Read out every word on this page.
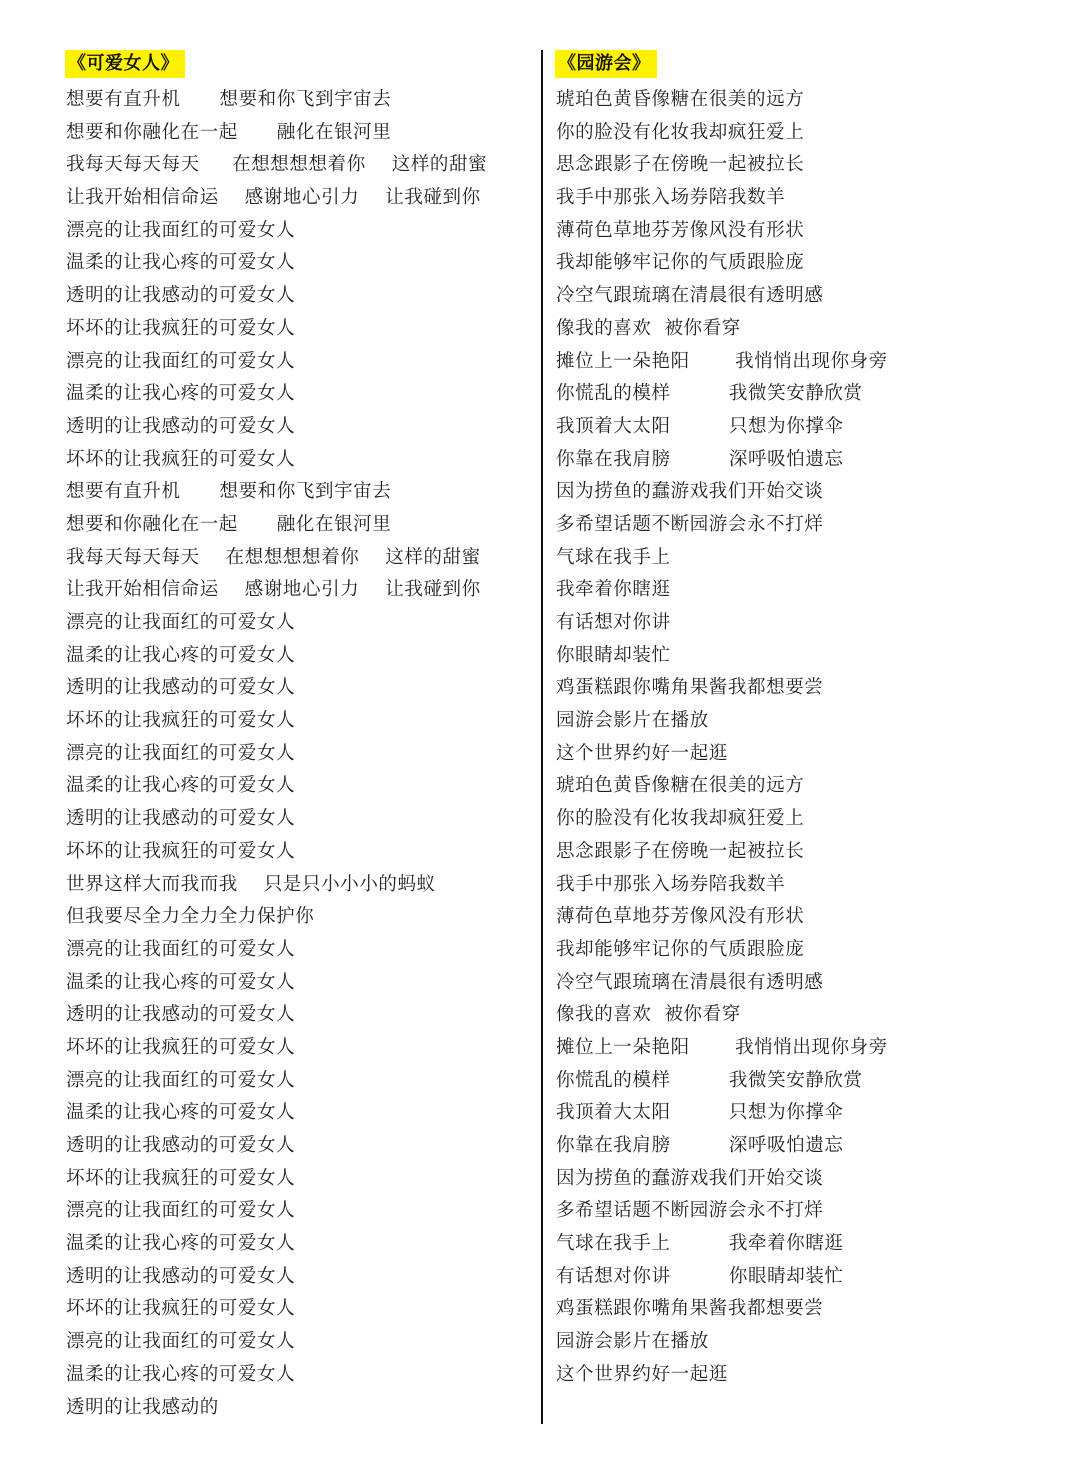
《可爱女人》
想要有直升机      想要和你飞到宇宙去
想要和你融化在一起      融化在银河里
我每天每天每天     在想想想想着你    这样的甜蜜
让我开始相信命运    感谢地心引力    让我碰到你
漂亮的让我面红的可爱女人
温柔的让我心疼的可爱女人
透明的让我感动的可爱女人
坏坏的让我疯狂的可爱女人
漂亮的让我面红的可爱女人
温柔的让我心疼的可爱女人
透明的让我感动的可爱女人
坏坏的让我疯狂的可爱女人
想要有直升机      想要和你飞到宇宙去
想要和你融化在一起      融化在银河里
我每天每天每天    在想想想想着你    这样的甜蜜
让我开始相信命运    感谢地心引力    让我碰到你
漂亮的让我面红的可爱女人
温柔的让我心疼的可爱女人
透明的让我感动的可爱女人
坏坏的让我疯狂的可爱女人
漂亮的让我面红的可爱女人
温柔的让我心疼的可爱女人
透明的让我感动的可爱女人
坏坏的让我疯狂的可爱女人
世界这样大而我而我    只是只小小小的蚂蚁
但我要尽全力全力全力保护你
漂亮的让我面红的可爱女人
温柔的让我心疼的可爱女人
透明的让我感动的可爱女人
坏坏的让我疯狂的可爱女人
漂亮的让我面红的可爱女人
温柔的让我心疼的可爱女人
透明的让我感动的可爱女人
坏坏的让我疯狂的可爱女人
漂亮的让我面红的可爱女人
温柔的让我心疼的可爱女人
透明的让我感动的可爱女人
坏坏的让我疯狂的可爱女人
漂亮的让我面红的可爱女人
温柔的让我心疼的可爱女人
透明的让我感动的
《园游会》
琥珀色黄昏像糖在很美的远方
你的脸没有化妆我却疯狂爱上
思念跟影子在傍晚一起被拉长
我手中那张入场券陪我数羊
薄荷色草地芬芳像风没有形状
我却能够牢记你的气质跟脸庞
冷空气跟琉璃在清晨很有透明感
像我的喜欢  被你看穿
摊位上一朵艳阳       我悄悄出现你身旁
你慌乱的模样         我微笑安静欣赏
我顶着大太阳         只想为你撑伞
你靠在我肩膀         深呼吸怕遗忘
因为捞鱼的蠢游戏我们开始交谈
多希望话题不断园游会永不打烊
气球在我手上
我牵着你瞎逛
有话想对你讲
你眼睛却装忙
鸡蛋糕跟你嘴角果酱我都想要尝
园游会影片在播放
这个世界约好一起逛
琥珀色黄昏像糖在很美的远方
你的脸没有化妆我却疯狂爱上
思念跟影子在傍晚一起被拉长
我手中那张入场券陪我数羊
薄荷色草地芬芳像风没有形状
我却能够牢记你的气质跟脸庞
冷空气跟琉璃在清晨很有透明感
像我的喜欢  被你看穿
摊位上一朵艳阳       我悄悄出现你身旁
你慌乱的模样         我微笑安静欣赏
我顶着大太阳         只想为你撑伞
你靠在我肩膀         深呼吸怕遗忘
因为捞鱼的蠢游戏我们开始交谈
多希望话题不断园游会永不打烊
气球在我手上         我牵着你瞎逛
有话想对你讲         你眼睛却装忙
鸡蛋糕跟你嘴角果酱我都想要尝
园游会影片在播放
这个世界约好一起逛
